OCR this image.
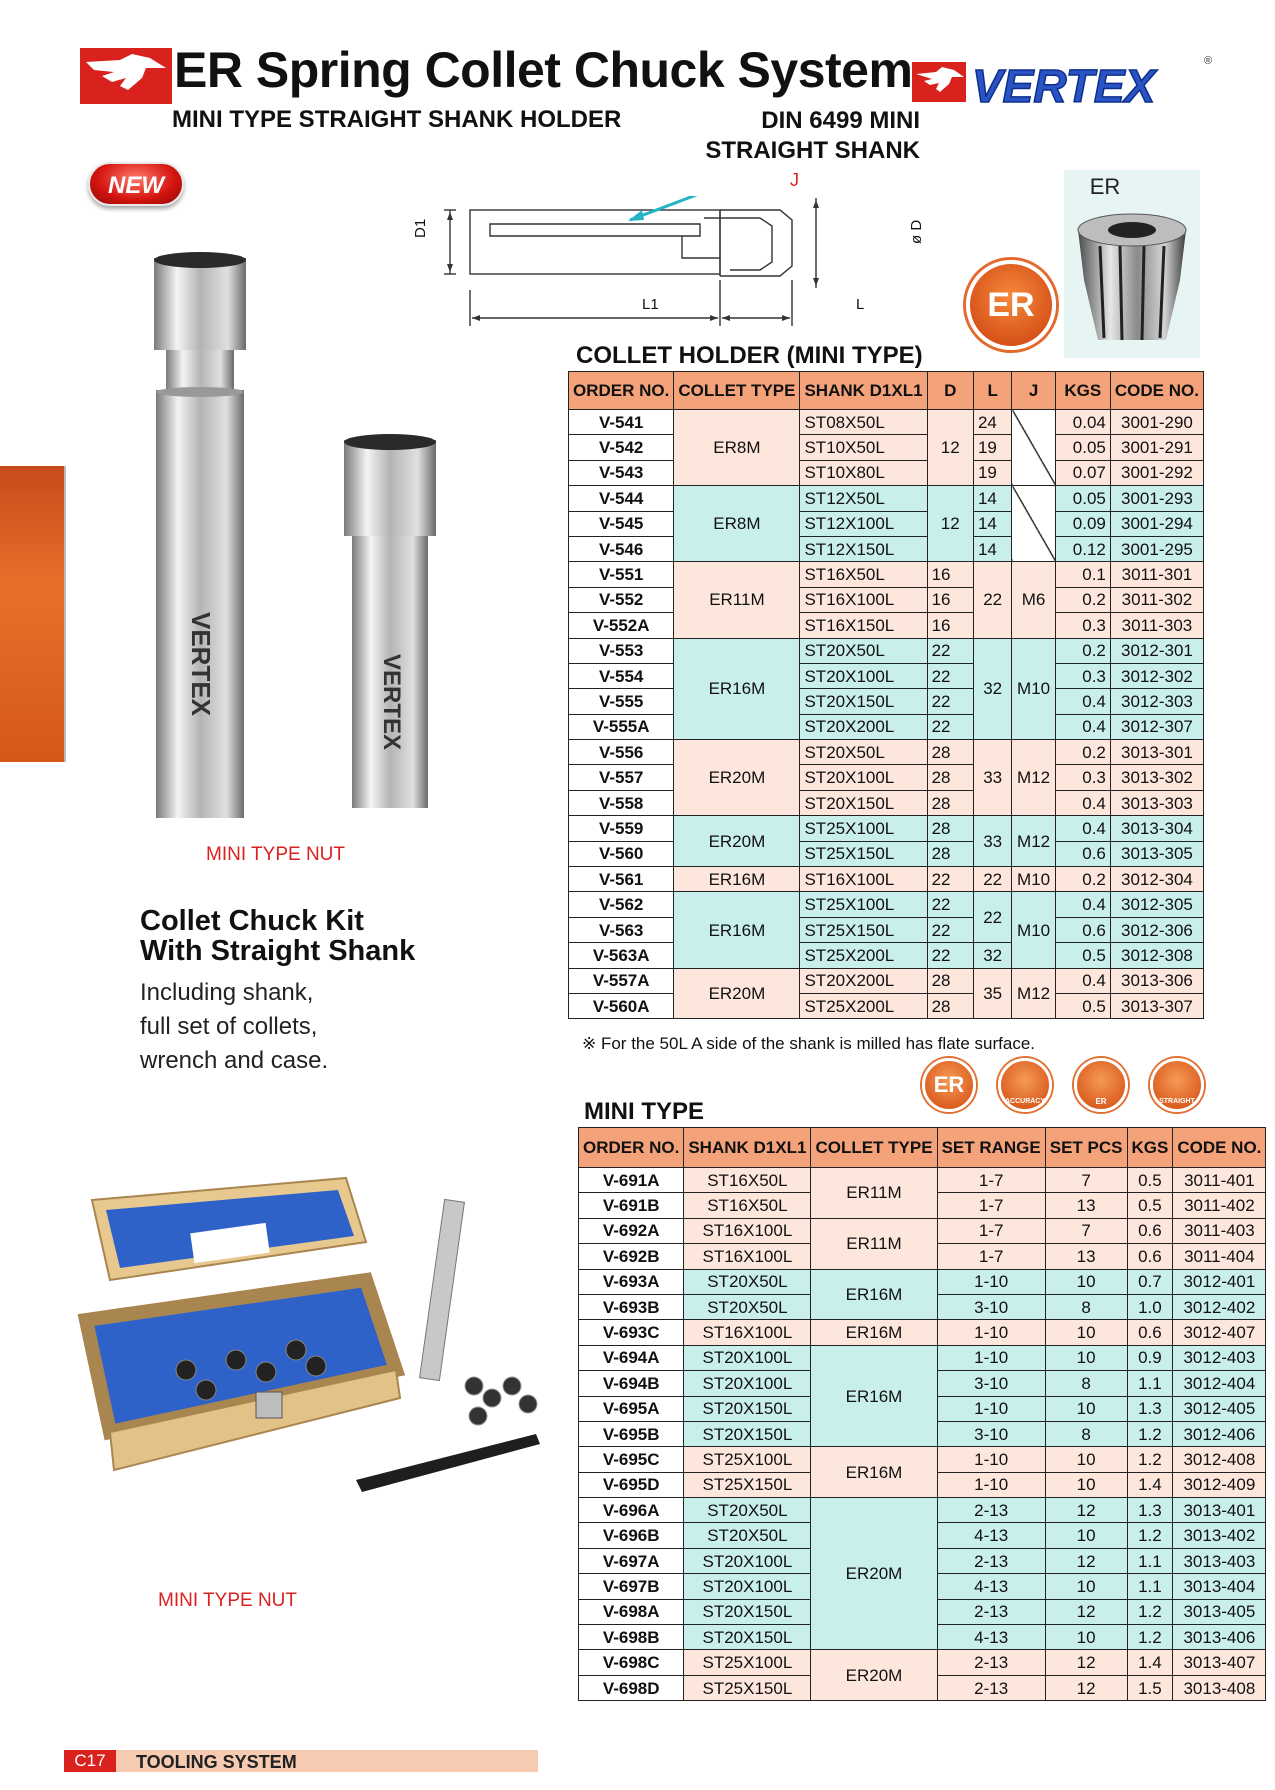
ER Spring Collet Chuck System VERTEX	®
MINI TYPE STRAIGHT SHANK HOLDER	DIN 6499 MINI STRAIGHT SHANK
NEW	J
D1	ø D
L1	L
ER
ER
VERTEX	VERTEX
MINI TYPE NUT
COLLET HOLDER (MINI TYPE)
ORDER NO.	COLLET TYPE	SHANK D1XL1	D	L	J	KGS	CODE NO.
V-541	ER8M	ST08X50L	12	24		0.04	3001-290
V-542		ST10X50L		19		0.05	3001-291
V-543		ST10X80L		19		0.07	3001-292
V-544	ER8M	ST12X50L	12	14		0.05	3001-293
V-545		ST12X100L		14		0.09	3001-294
V-546		ST12X150L		14		0.12	3001-295
V-551	ER11M	ST16X50L	16	22	M6	0.1	3011-301
V-552		ST16X100L	16			0.2	3011-302
V-552A		ST16X150L	16			0.3	3011-303
V-553	ER16M	ST20X50L	22	32	M10	0.2	3012-301
V-554		ST20X100L	22			0.3	3012-302
V-555		ST20X150L	22			0.4	3012-303
V-555A		ST20X200L	22			0.4	3012-307
V-556	ER20M	ST20X50L	28	33	M12	0.2	3013-301
V-557		ST20X100L	28			0.3	3013-302
V-558		ST20X150L	28			0.4	3013-303
V-559	ER20M	ST25X100L	28	33	M12	0.4	3013-304
V-560		ST25X150L	28			0.6	3013-305
V-561	ER16M	ST16X100L	22	22	M10	0.2	3012-304
V-562	ER16M	ST25X100L	22	22	M10	0.4	3012-305
V-563		ST25X150L	22			0.6	3012-306
V-563A		ST25X200L	22	32		0.5	3012-308
V-557A	ER20M	ST20X200L	28	35	M12	0.4	3013-306
V-560A		ST25X200L	28			0.5	3013-307
※ For the 50L A side of the shank is milled has flate surface.
ER
ACCURACY	ER	STRAIGHT
MINI TYPE
ORDER NO.	SHANK D1XL1	COLLET TYPE	SET RANGE	SET PCS	KGS	CODE NO.
V-691A	ST16X50L	ER11M	1-7	7	0.5	3011-401
V-691B	ST16X50L		1-7	13	0.5	3011-402
V-692A	ST16X100L	ER11M	1-7	7	0.6	3011-403
V-692B	ST16X100L		1-7	13	0.6	3011-404
V-693A	ST20X50L	ER16M	1-10	10	0.7	3012-401
V-693B	ST20X50L		3-10	8	1.0	3012-402
V-693C	ST16X100L	ER16M	1-10	10	0.6	3012-407
V-694A	ST20X100L	ER16M	1-10	10	0.9	3012-403
V-694B	ST20X100L		3-10	8	1.1	3012-404
V-695A	ST20X150L		1-10	10	1.3	3012-405
V-695B	ST20X150L		3-10	8	1.2	3012-406
V-695C	ST25X100L	ER16M	1-10	10	1.2	3012-408
V-695D	ST25X150L		1-10	10	1.4	3012-409
V-696A	ST20X50L	ER20M	2-13	12	1.3	3013-401
V-696B	ST20X50L		4-13	10	1.2	3013-402
V-697A	ST20X100L		2-13	12	1.1	3013-403
V-697B	ST20X100L		4-13	10	1.1	3013-404
V-698A	ST20X150L		2-13	12	1.2	3013-405
V-698B	ST20X150L		4-13	10	1.2	3013-406
V-698C	ST25X100L	ER20M	2-13	12	1.4	3013-407
V-698D	ST25X150L		2-13	12	1.5	3013-408
Collet Chuck Kit
With Straight Shank
Including shank,
full set of collets,
wrench and case.
MINI TYPE NUT
C17	TOOLING SYSTEM
